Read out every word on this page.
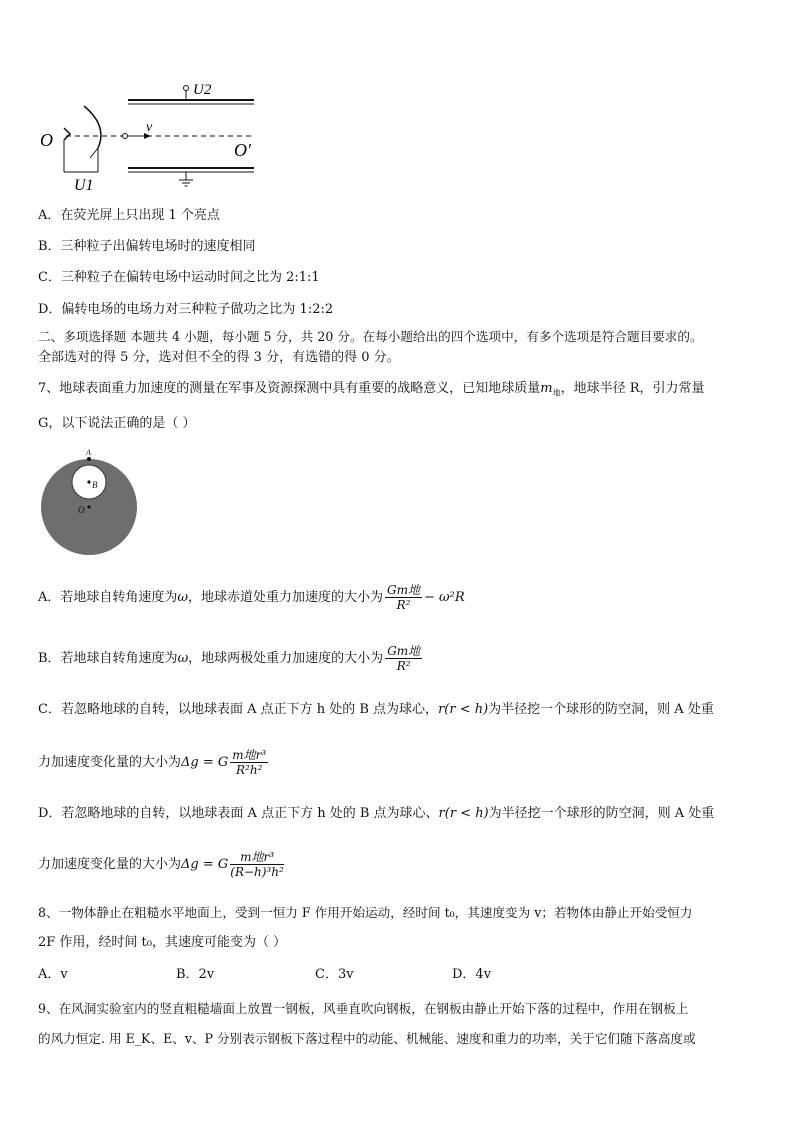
U2
v
O	O′
U1
A．在荧光屏上只出现 1 个亮点
B．三种粒子出偏转电场时的速度相同
C．三种粒子在偏转电场中运动时间之比为 2:1:1
D．偏转电场的电场力对三种粒子做功之比为 1:2:2
二、多项选择题 本题共 4 小题，每小题 5 分，共 20 分。在每小题给出的四个选项中，有多个选项是符合题目要求的。
全部选对的得 5 分，选对但不全的得 3 分，有选错的得 0 分。
7、地球表面重力加速度的测量在军事及资源探测中具有重要的战略意义，已知地球质量$m_地$，地球半径 R，引力常量
G，以下说法正确的是（ ）
A
B
O
A．若地球自转角速度为ω，地球赤道处重力加速度的大小为 $\frac{\text{Gm地}}{\text{R²}} - \omega^2R$
B．若地球自转角速度为ω，地球两极处重力加速度的大小为 $\frac{\text{Gm地}}{\text{R²}}$
C．若忽略地球的自转，以地球表面 A 点正下方 h 处的 B 点为球心，r(r < h)为半径挖一个球形的防空洞，则 A 处重
力加速度变化量的大小为Δg = G $\frac{\text{m地r³}}{\text{R²h²}}$
D．若忽略地球的自转，以地球表面 A 点正下方 h 处的 B 点为球心、r(r < h)为半径挖一个球形的防空洞，则 A 处重
力加速度变化量的大小为Δg = G $\frac{\text{m地r³}}{\text{(R−h)³h²}}$
8、一物体静止在粗糙水平地面上，受到一恒力 F 作用开始运动，经时间 t₀，其速度变为 v；若物体由静止开始受恒力
2F 作用，经时间 t₀，其速度可能变为（ ）
A．v	B．2v	C．3v	D．4v
9、在风洞实验室内的竖直粗糙墙面上放置一钢板，风垂直吹向钢板，在钢板由静止开始下落的过程中，作用在钢板上
的风力恒定. 用 E_K、E、v、P 分别表示钢板下落过程中的动能、机械能、速度和重力的功率，关于它们随下落高度或
